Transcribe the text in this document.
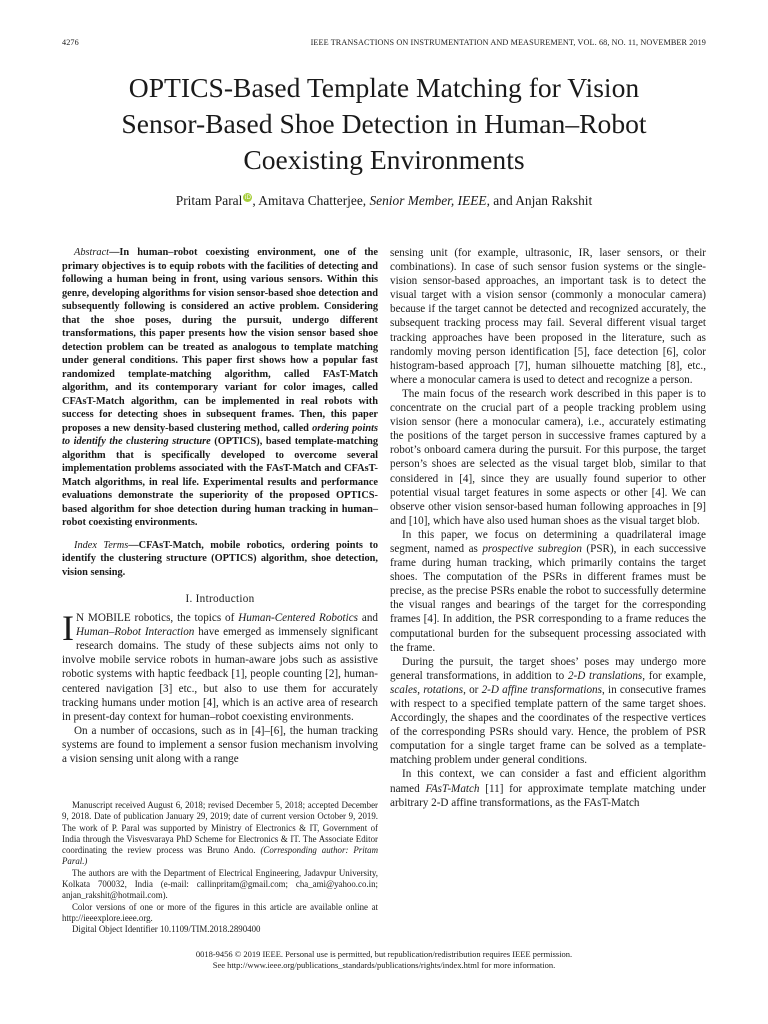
4276	IEEE TRANSACTIONS ON INSTRUMENTATION AND MEASUREMENT, VOL. 68, NO. 11, NOVEMBER 2019
OPTICS-Based Template Matching for Vision
Sensor-Based Shoe Detection in Human–Robot
Coexisting Environments
Pritam Paral iD, Amitava Chatterjee, Senior Member, IEEE, and Anjan Rakshit

Abstract—In human–robot coexisting environment, one of the primary objectives is to equip robots with the facilities of detecting and following a human being in front, using various sensors. Within this genre, developing algorithms for vision sensor-based shoe detection and subsequently following is considered an active problem. Considering that the shoe poses, during the pursuit, undergo different transformations, this paper presents how the vision sensor based shoe detection problem can be treated as analogous to template matching under general conditions. This paper first shows how a popular fast randomized template-matching algorithm, called FAsT-Match algorithm, and its contemporary variant for color images, called CFAsT-Match algorithm, can be implemented in real robots with success for detecting shoes in subsequent frames. Then, this paper proposes a new density-based clustering method, called ordering points to identify the clustering structure (OPTICS), based template-matching algorithm that is specifically developed to overcome several implementation problems associated with the FAsT-Match and CFAsT-Match algorithms, in real life. Experimental results and performance evaluations demonstrate the superiority of the proposed OPTICS-based algorithm for shoe detection during human tracking in human–robot coexisting environments.

Index Terms—CFAsT-Match, mobile robotics, ordering points to identify the clustering structure (OPTICS) algorithm, shoe detection, vision sensing.

I. Introduction

I N MOBILE robotics, the topics of Human-Centered Robotics and Human–Robot Interaction have emerged as immensely significant research domains. The study of these subjects aims not only to involve mobile service robots in human-aware jobs such as assistive robotic systems with haptic feedback [1], people counting [2], human-centered navigation [3] etc., but also to use them for accurately tracking humans under motion [4], which is an active area of research in present-day context for human–robot coexisting environments.

On a number of occasions, such as in [4]–[6], the human tracking systems are found to implement a sensor fusion mechanism involving a vision sensing unit along with a range

Manuscript received August 6, 2018; revised December 5, 2018; accepted December 9, 2018. Date of publication January 29, 2019; date of current version October 9, 2019. The work of P. Paral was supported by Ministry of Electronics & IT, Government of India through the Visvesvaraya PhD Scheme for Electronics & IT. The Associate Editor coordinating the review process was Bruno Ando. (Corresponding author: Pritam Paral.)

The authors are with the Department of Electrical Engineering, Jadavpur University, Kolkata 700032, India (e-mail: callinpritam@gmail.com; cha_ami@yahoo.co.in; anjan_rakshit@hotmail.com).

Color versions of one or more of the figures in this article are available online at http://ieeexplore.ieee.org.

Digital Object Identifier 10.1109/TIM.2018.2890400

sensing unit (for example, ultrasonic, IR, laser sensors, or their combinations). In case of such sensor fusion systems or the single-vision sensor-based approaches, an important task is to detect the visual target with a vision sensor (commonly a monocular camera) because if the target cannot be detected and recognized accurately, the subsequent tracking process may fail. Several different visual target tracking approaches have been proposed in the literature, such as randomly moving person identification [5], face detection [6], color histogram-based approach [7], human silhouette matching [8], etc., where a monocular camera is used to detect and recognize a person.

The main focus of the research work described in this paper is to concentrate on the crucial part of a people tracking problem using vision sensor (here a monocular camera), i.e., accurately estimating the positions of the target person in successive frames captured by a robot’s onboard camera during the pursuit. For this purpose, the target person’s shoes are selected as the visual target blob, similar to that considered in [4], since they are usually found superior to other potential visual target features in some aspects or other [4]. We can observe other vision sensor-based human following approaches in [9] and [10], which have also used human shoes as the visual target blob.

In this paper, we focus on determining a quadrilateral image segment, named as prospective subregion (PSR), in each successive frame during human tracking, which primarily contains the target shoes. The computation of the PSRs in different frames must be precise, as the precise PSRs enable the robot to successfully determine the visual ranges and bearings of the target for the corresponding frames [4]. In addition, the PSR corresponding to a frame reduces the computational burden for the subsequent processing associated with the frame.

During the pursuit, the target shoes’ poses may undergo more general transformations, in addition to 2-D translations, for example, scales, rotations, or 2-D affine transformations, in consecutive frames with respect to a specified template pattern of the same target shoes. Accordingly, the shapes and the coordinates of the respective vertices of the corresponding PSRs should vary. Hence, the problem of PSR computation for a single target frame can be solved as a template-matching problem under general conditions.

In this context, we can consider a fast and efficient algorithm named FAsT-Match [11] for approximate template matching under arbitrary 2-D affine transformations, as the FAsT-Match

0018-9456 © 2019 IEEE. Personal use is permitted, but republication/redistribution requires IEEE permission.

See http://www.ieee.org/publications_standards/publications/rights/index.html for more information.
